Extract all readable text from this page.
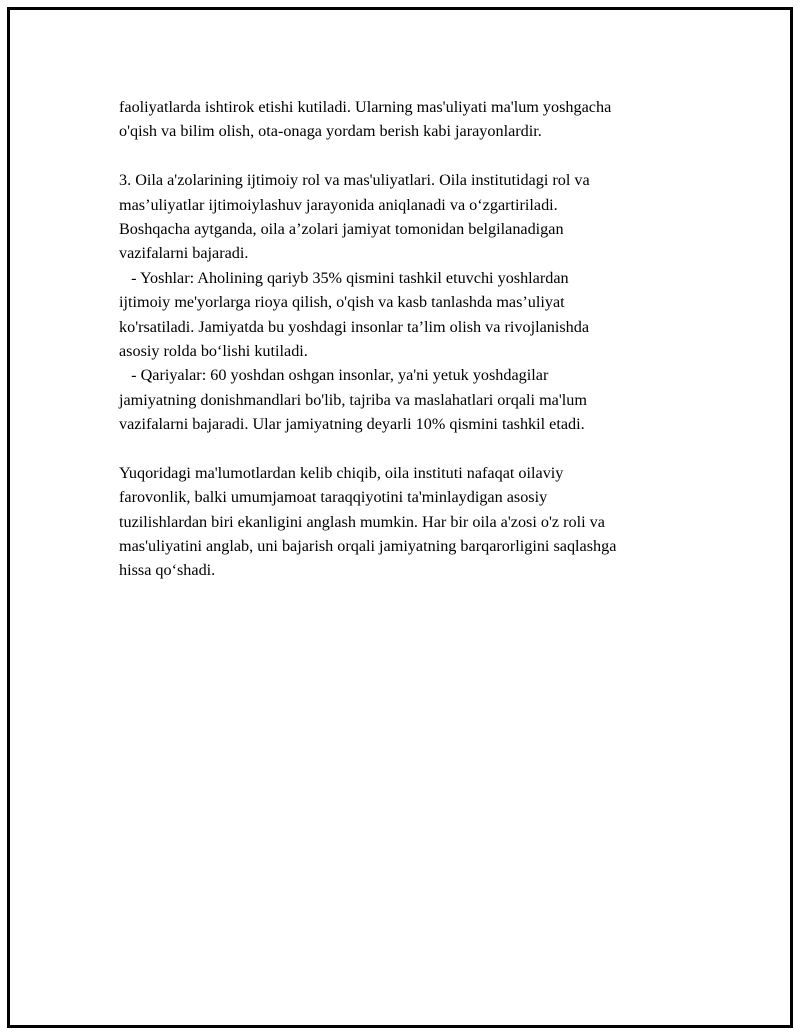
faoliyatlarda ishtirok etishi kutiladi. Ularning mas'uliyati ma'lum yoshgacha
o'qish va bilim olish, ota-onaga yordam berish kabi jarayonlardir.
3. Oila a'zolarining ijtimoiy rol va mas'uliyatlari. Oila institutidagi rol va
mas’uliyatlar ijtimoiylashuv jarayonida aniqlanadi va o‘zgartiriladi.
Boshqacha aytganda, oila a’zolari jamiyat tomonidan belgilanadigan
vazifalarni bajaradi.
- Yoshlar: Aholining qariyb 35% qismini tashkil etuvchi yoshlardan
ijtimoiy me'yorlarga rioya qilish, o'qish va kasb tanlashda mas’uliyat
ko'rsatiladi. Jamiyatda bu yoshdagi insonlar ta’lim olish va rivojlanishda
asosiy rolda bo‘lishi kutiladi.
- Qariyalar: 60 yoshdan oshgan insonlar, ya'ni yetuk yoshdagilar
jamiyatning donishmandlari bo'lib, tajriba va maslahatlari orqali ma'lum
vazifalarni bajaradi. Ular jamiyatning deyarli 10% qismini tashkil etadi.
Yuqoridagi ma'lumotlardan kelib chiqib, oila instituti nafaqat oilaviy
farovonlik, balki umumjamoat taraqqiyotini ta'minlaydigan asosiy
tuzilishlardan biri ekanligini anglash mumkin. Har bir oila a'zosi o'z roli va
mas'uliyatini anglab, uni bajarish orqali jamiyatning barqarorligini saqlashga
hissa qo‘shadi.
